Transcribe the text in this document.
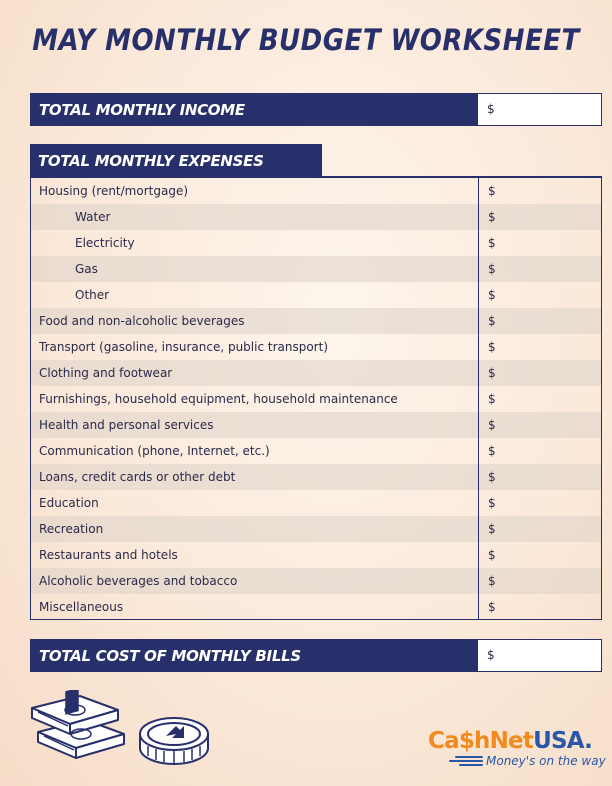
MAY MONTHLY BUDGET WORKSHEET
TOTAL MONTHLY INCOME	$
TOTAL MONTHLY EXPENSES
Housing (rent/mortgage)	$
Water	$
Electricity	$
Gas	$
Other	$
Food and non-alcoholic beverages	$
Transport (gasoline, insurance, public transport)	$
Clothing and footwear	$
Furnishings, household equipment, household maintenance	$
Health and personal services	$
Communication (phone, Internet, etc.)	$
Loans, credit cards or other debt	$
Education	$
Recreation	$
Restaurants and hotels	$
Alcoholic beverages and tobacco	$
Miscellaneous	$
TOTAL COST OF MONTHLY BILLS	$
Ca$hNetUSA.
Money's on the way
